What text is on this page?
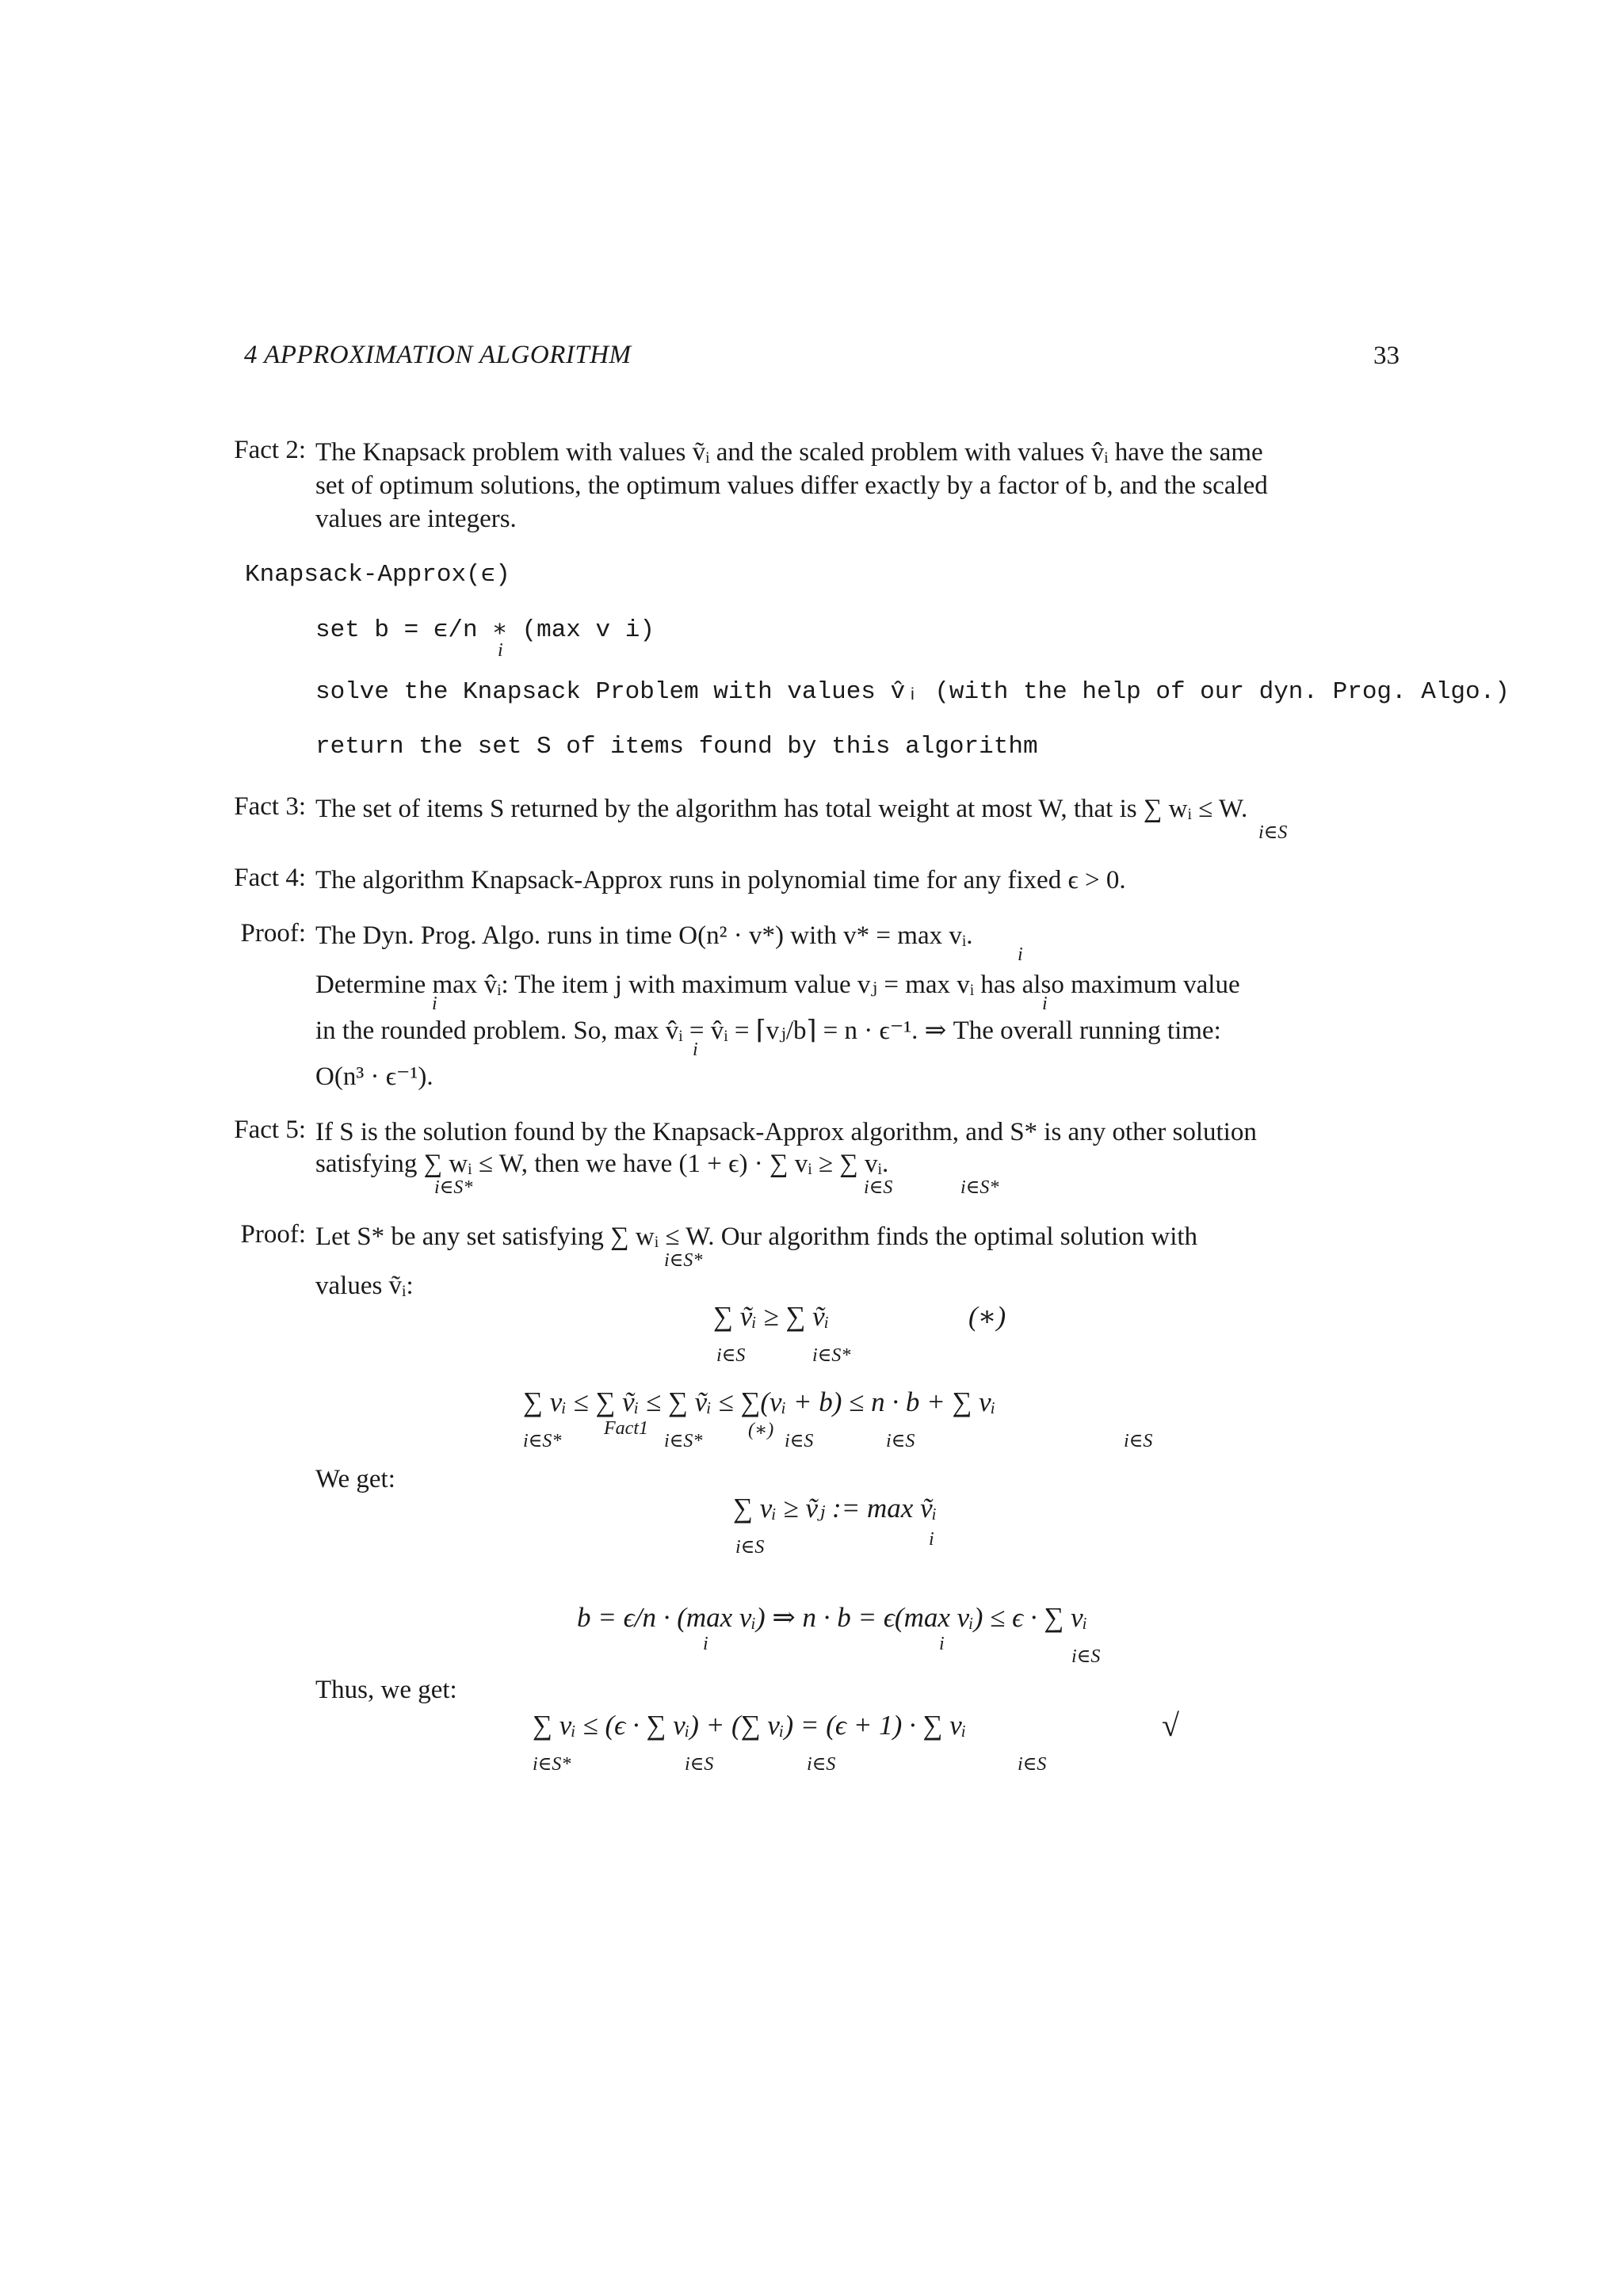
4 APPROXIMATION ALGORITHM	33
Fact 2: The Knapsack problem with values ṽᵢ and the scaled problem with values v̂ᵢ have the same
set of optimum solutions, the optimum values differ exactly by a factor of b, and the scaled
values are integers.
Knapsack-Approx(ϵ)
set b = ϵ/n ∗ (max v i)
i
solve the Knapsack Problem with values v̂ᵢ (with the help of our dyn. Prog. Algo.)
return the set S of items found by this algorithm
Fact 3: The set of items S returned by the algorithm has total weight at most W, that is ∑ wᵢ ≤ W.
i∈S
Fact 4: The algorithm Knapsack-Approx runs in polynomial time for any fixed ϵ > 0.
Proof: The Dyn. Prog. Algo. runs in time O(n² · v*) with v* = max vᵢ.
i
Determine max v̂ᵢ: The item j with maximum value vⱼ = max vᵢ has also maximum value
i	i
in the rounded problem. So, max v̂ᵢ = v̂ᵢ = ⌈vⱼ/b⌉ = n · ϵ⁻¹. ⇒ The overall running time:
i
O(n³ · ϵ⁻¹).
Fact 5: If S is the solution found by the Knapsack-Approx algorithm, and S* is any other solution
satisfying ∑ wᵢ ≤ W, then we have (1 + ϵ) · ∑ vᵢ ≥ ∑ vᵢ.
i∈S*	i∈S	i∈S*
Proof: Let S* be any set satisfying ∑ wᵢ ≤ W. Our algorithm finds the optimal solution with
i∈S*
values ṽᵢ:
∑ ṽᵢ ≥ ∑ ṽᵢ
i∈S	i∈S*
(∗)
∑ vᵢ ≤ ∑ ṽᵢ ≤ ∑ ṽᵢ ≤ ∑(vᵢ + b) ≤ n · b + ∑ vᵢ
i∈S*
Fact1
i∈S*
(∗)
i∈S	i∈S	i∈S
We get:
∑ vᵢ ≥ ṽⱼ := max ṽᵢ
i∈S	i
b = ϵ/n · (max vᵢ) ⇒ n · b = ϵ(max vᵢ) ≤ ϵ · ∑ vᵢ
i	i
i∈S
Thus, we get:
∑ vᵢ ≤ (ϵ · ∑ vᵢ) + (∑ vᵢ) = (ϵ + 1) · ∑ vᵢ
i∈S*	i∈S	i∈S	i∈S
√
